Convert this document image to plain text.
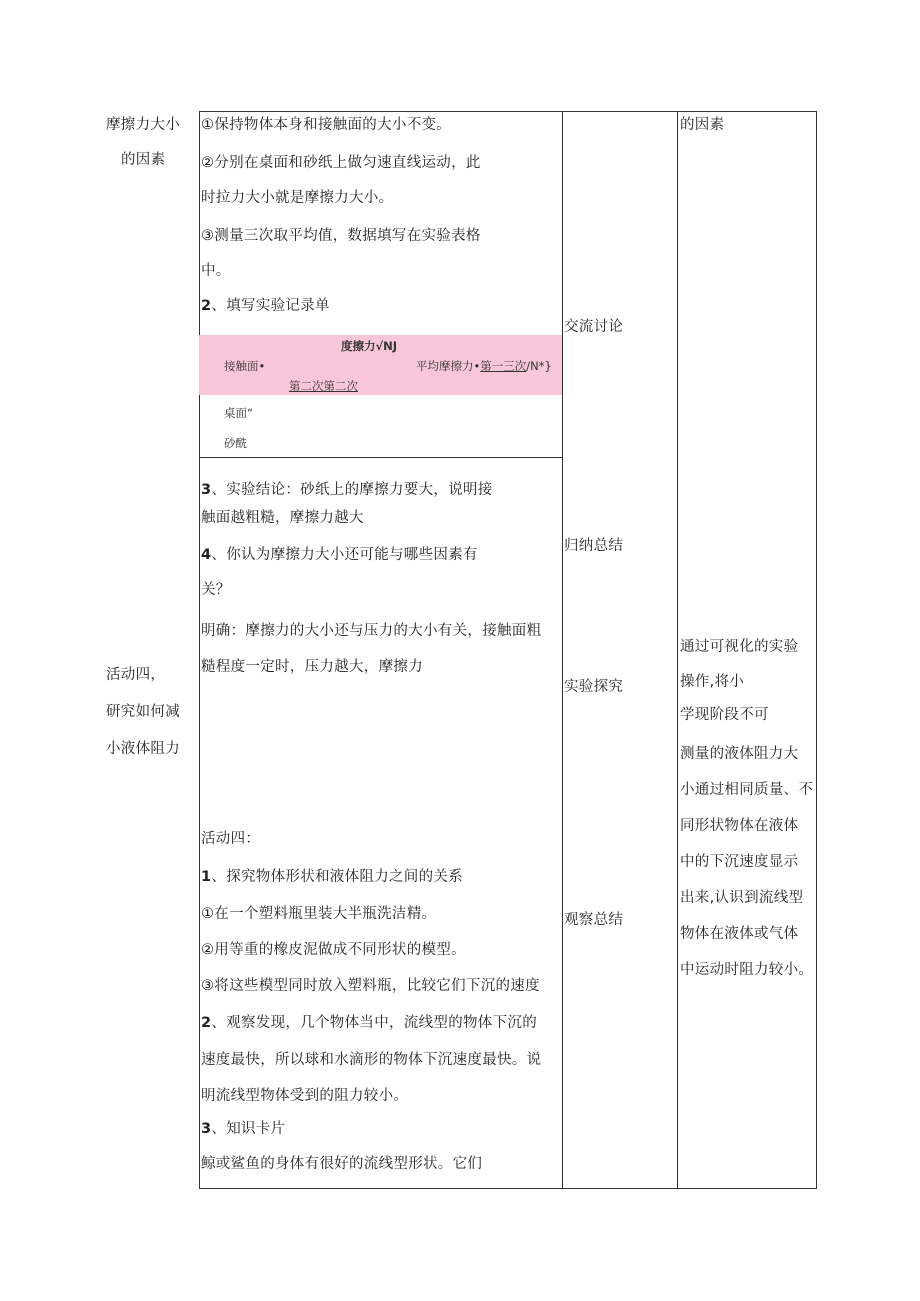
摩擦力大小
的因素
活动四，
研究如何减
小液体阻力
①保持物体本身和接触面的大小不变。
②分别在桌面和砂纸上做匀速直线运动，此
时拉力大小就是摩擦力大小。
③测量三次取平均值，数据填写在实验表格
中。
2、填写实验记录单
度擦力√NJ
接触面•	平均摩擦力•第一三次/N*}
第二次第二次
桌面“
砂酰
3、实验结论：砂纸上的摩擦力要大，说明接
触面越粗糙，摩擦力越大
4、你认为摩擦力大小还可能与哪些因素有
关？
明确：摩擦力的大小还与压力的大小有关，接触面粗
糙程度一定时，压力越大，摩擦力
活动四：
1、探究物体形状和液体阻力之间的关系
①在一个塑料瓶里装大半瓶洗洁精。
②用等重的橡皮泥做成不同形状的模型。
③将这些模型同时放入塑料瓶，比较它们下沉的速度
2、观察发现，几个物体当中，流线型的物体下沉的
速度最快，所以球和水滴形的物体下沉速度最快。说
明流线型物体受到的阻力较小。
3、知识卡片
鲸或鲨鱼的身体有很好的流线型形状。它们
交流讨论
归纳总结
实验探究
观察总结
的因素
通过可视化的实验
操作,将小
学现阶段不可
测量的液体阻力大
小通过相同质量、不
同形状物体在液体
中的下沉速度显示
出来,认识到流线型
物体在液体或气体
中运动时阻力较小。
